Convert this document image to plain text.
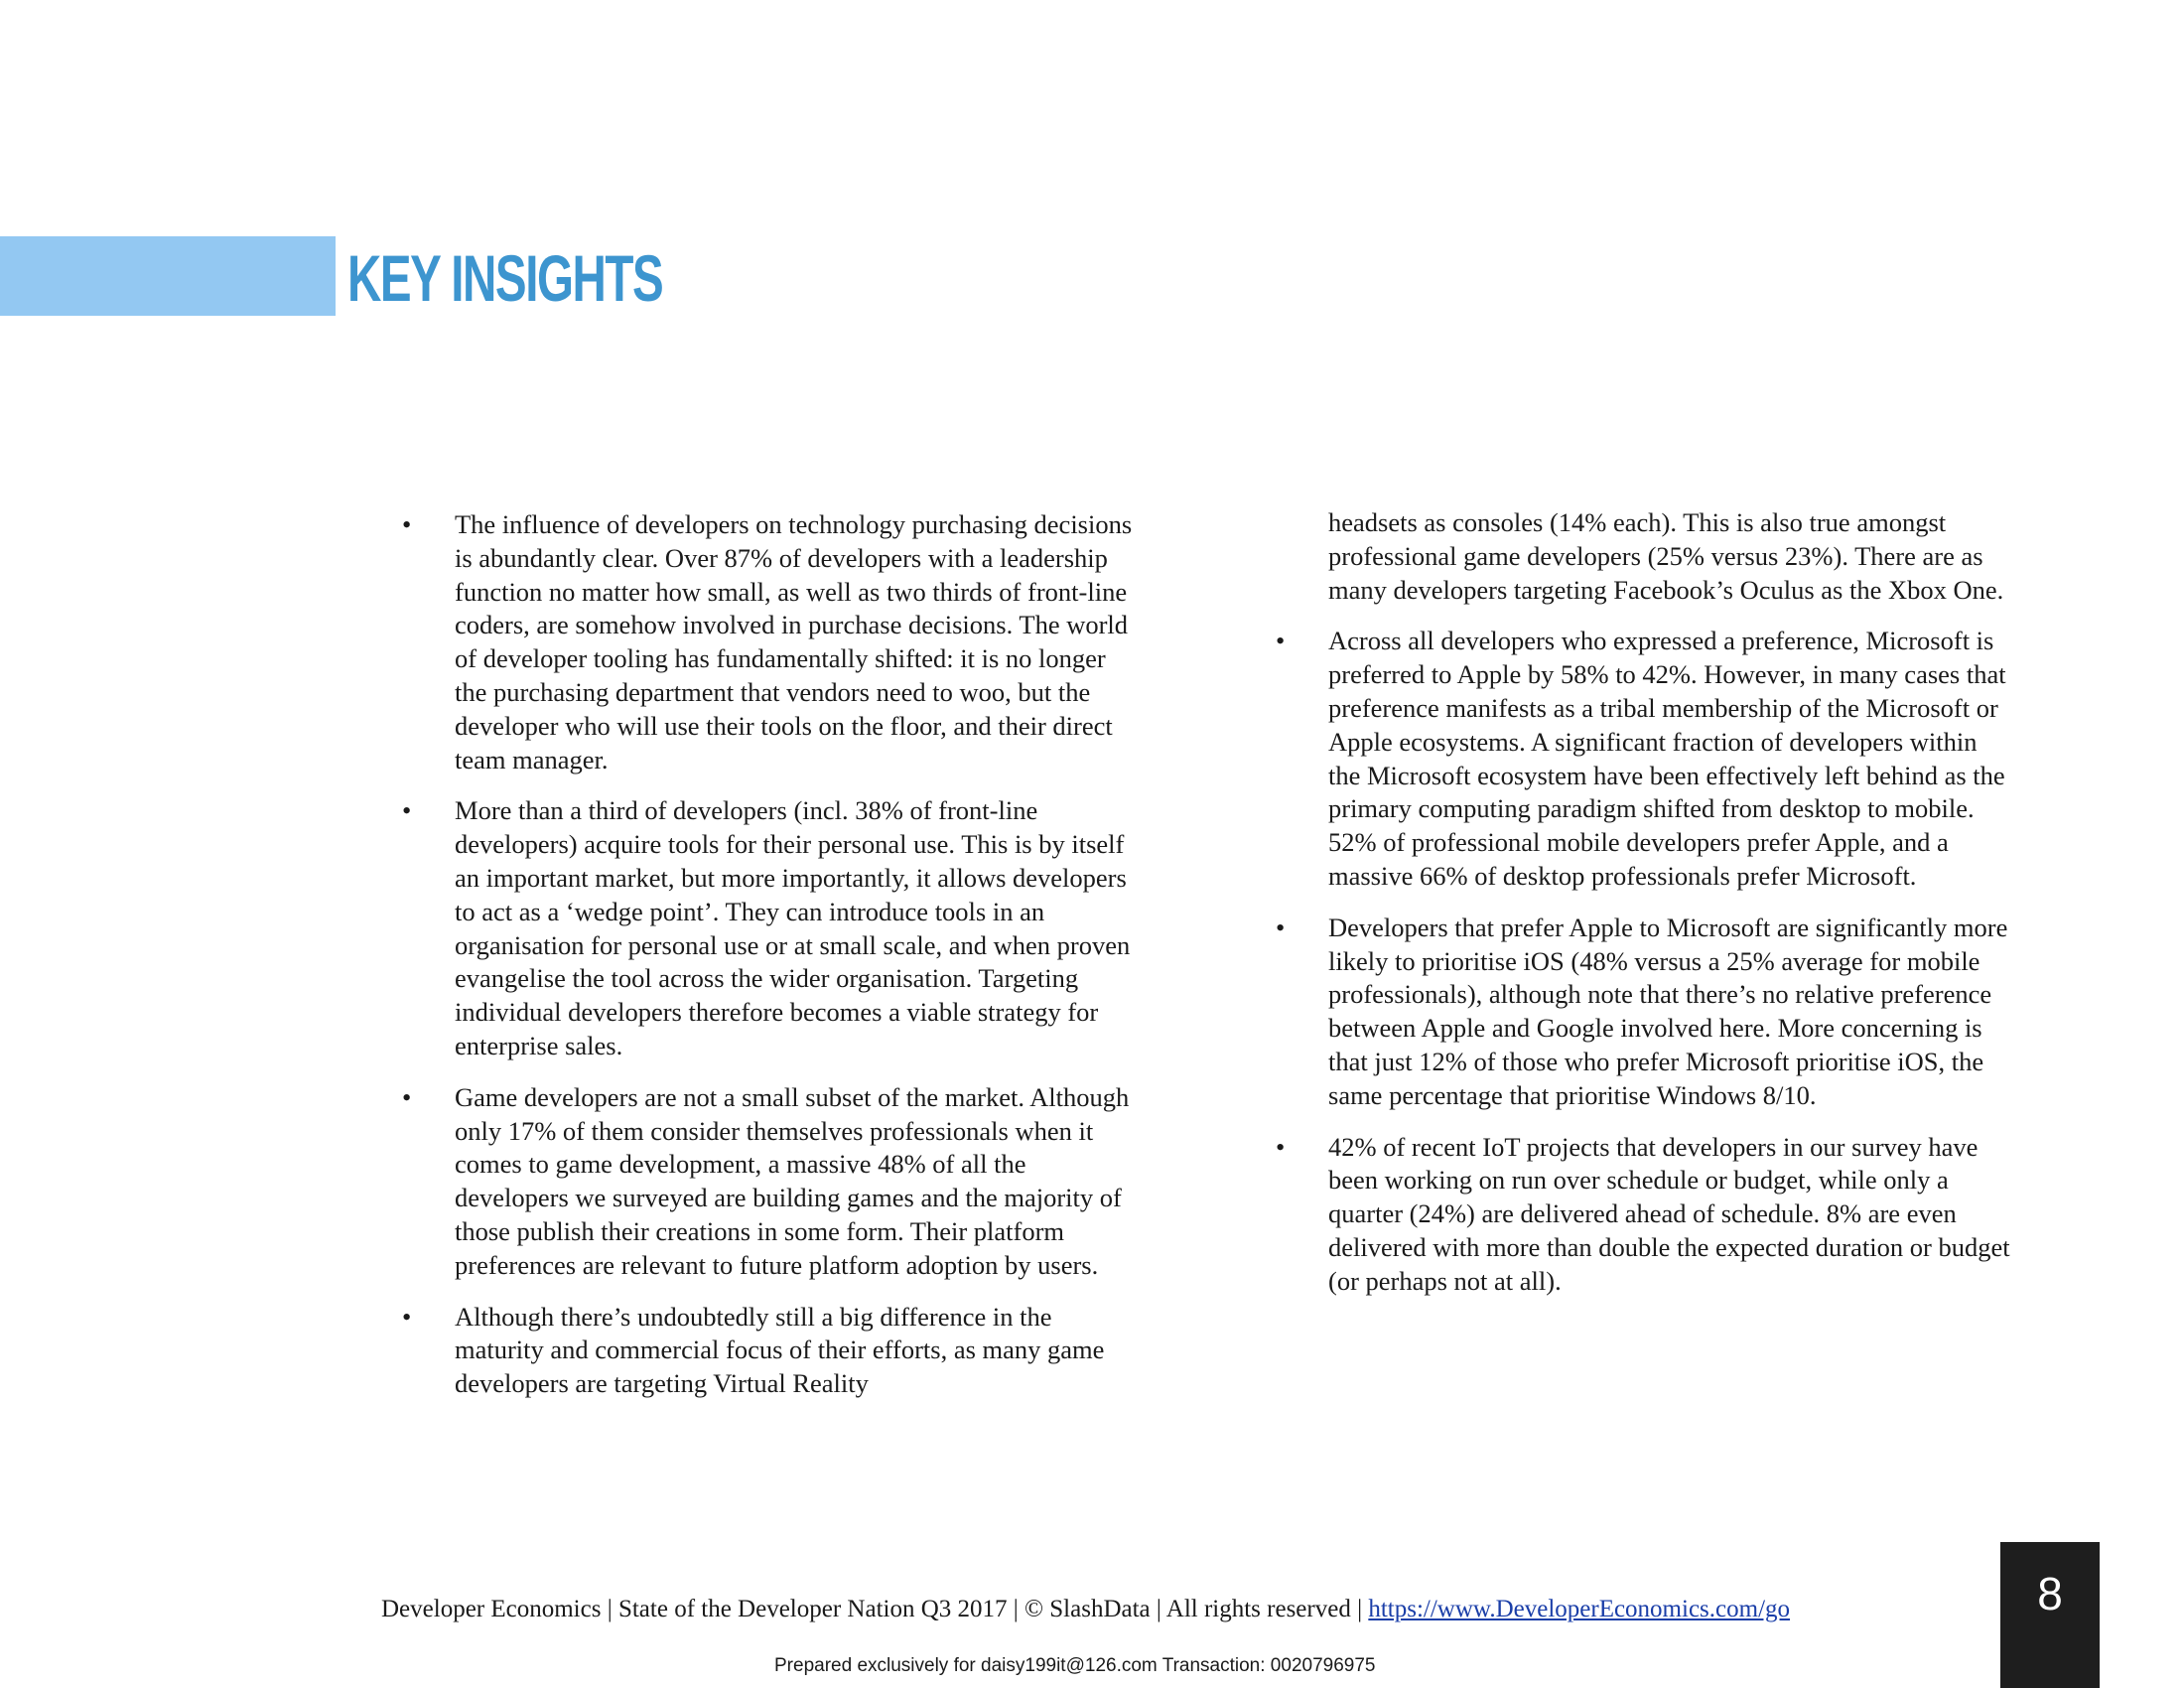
KEY INSIGHTS
•	The influence of developers on technology purchasing decisions is abundantly clear. Over 87% of developers with a leadership function no matter how small, as well as two thirds of front-line coders, are somehow involved in purchase decisions. The world of developer tooling has fundamentally shifted: it is no longer the purchasing department that vendors need to woo, but the developer who will use their tools on the floor, and their direct team manager.

•	More than a third of developers (incl. 38% of front-line developers) acquire tools for their personal use. This is by itself an important market, but more importantly, it allows developers to act as a ‘wedge point’. They can introduce tools in an organisation for personal use or at small scale, and when proven evangelise the tool across the wider organisation. Targeting individual developers therefore becomes a viable strategy for enterprise sales.

•	Game developers are not a small subset of the market. Although only 17% of them consider themselves professionals when it comes to game development, a massive 48% of all the developers we surveyed are building games and the majority of those publish their creations in some form. Their platform preferences are relevant to future platform adoption by users.

•	Although there’s undoubtedly still a big difference in the maturity and commercial focus of their efforts, as many game developers are targeting Virtual Reality

headsets as consoles (14% each). This is also true amongst professional game developers (25% versus 23%). There are as many developers targeting Facebook’s Oculus as the Xbox One.

•	Across all developers who expressed a preference, Microsoft is preferred to Apple by 58% to 42%. However, in many cases that preference manifests as a tribal membership of the Microsoft or Apple ecosystems. A significant fraction of developers within the Microsoft ecosystem have been effectively left behind as the primary computing paradigm shifted from desktop to mobile. 52% of professional mobile developers prefer Apple, and a massive 66% of desktop professionals prefer Microsoft.

•	Developers that prefer Apple to Microsoft are significantly more likely to prioritise iOS (48% versus a 25% average for mobile professionals), although note that there’s no relative preference between Apple and Google involved here. More concerning is that just 12% of those who prefer Microsoft prioritise iOS, the same percentage that prioritise Windows 8/10.

•	42% of recent IoT projects that developers in our survey have been working on run over schedule or budget, while only a quarter (24%) are delivered ahead of schedule. 8% are even delivered with more than double the expected duration or budget (or perhaps not at all).

Developer Economics | State of the Developer Nation Q3 2017 | © SlashData | All rights reserved | https://www.DeveloperEconomics.com/go
Prepared exclusively for daisy199it@126.com Transaction: 0020796975
8
